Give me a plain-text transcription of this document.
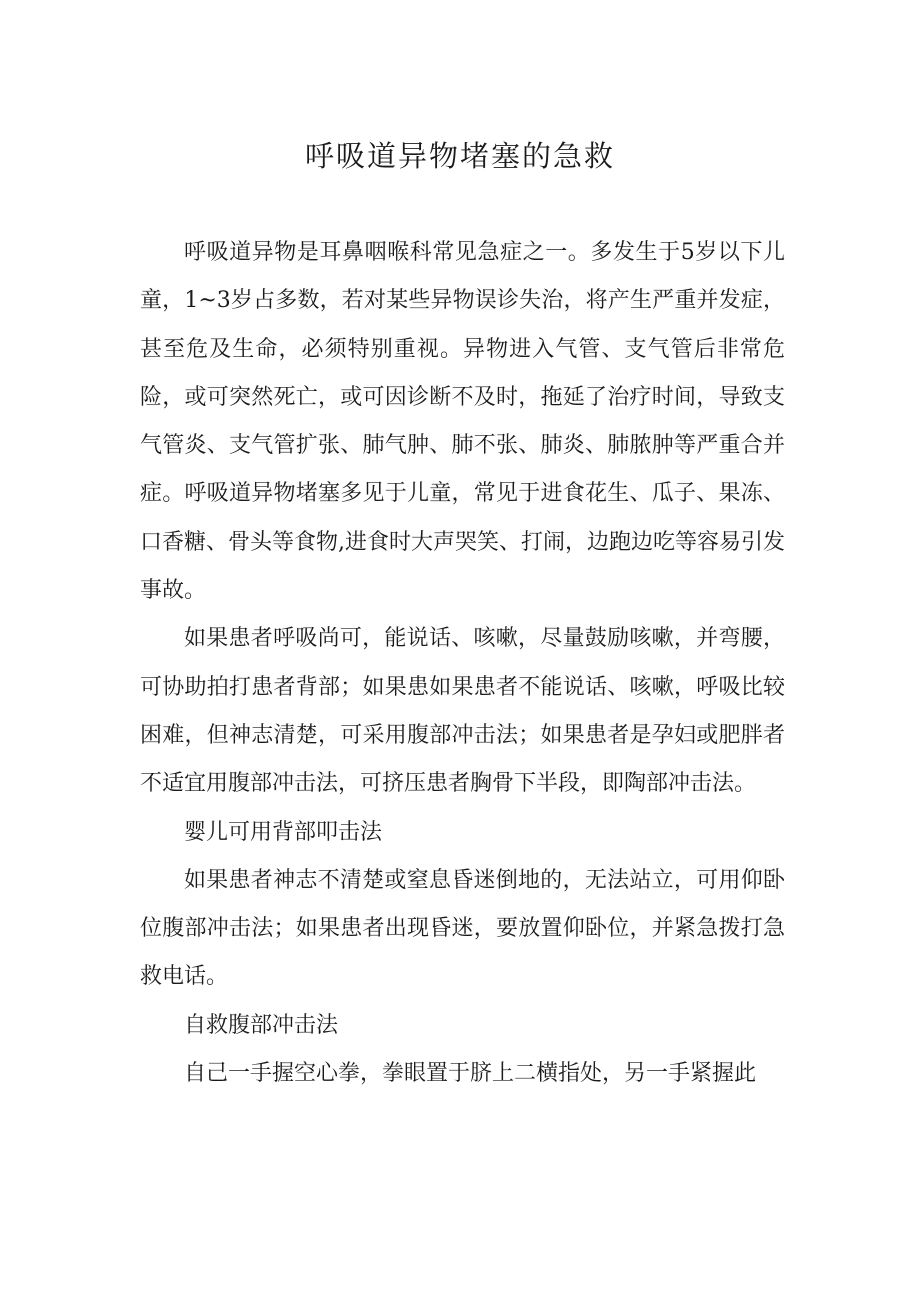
呼吸道异物堵塞的急救

呼吸道异物是耳鼻咽喉科常见急症之一。多发生于5岁以下儿童，1~3岁占多数，若对某些异物误诊失治，将产生严重并发症，甚至危及生命，必须特别重视。异物进入气管、支气管后非常危险，或可突然死亡，或可因诊断不及时，拖延了治疗时间，导致支气管炎、支气管扩张、肺气肿、肺不张、肺炎、肺脓肿等严重合并症。呼吸道异物堵塞多见于儿童，常见于进食花生、瓜子、果冻、口香糖、骨头等食物,进食时大声哭笑、打闹，边跑边吃等容易引发事故。

如果患者呼吸尚可，能说话、咳嗽，尽量鼓励咳嗽，并弯腰，可协助拍打患者背部；如果患如果患者不能说话、咳嗽，呼吸比较困难，但神志清楚，可采用腹部冲击法；如果患者是孕妇或肥胖者不适宜用腹部冲击法，可挤压患者胸骨下半段，即陶部冲击法。

婴儿可用背部叩击法

如果患者神志不清楚或窒息昏迷倒地的，无法站立，可用仰卧位腹部冲击法；如果患者出现昏迷，要放置仰卧位，并紧急拨打急救电话。

自救腹部冲击法

自己一手握空心拳，拳眼置于脐上二横指处，另一手紧握此
